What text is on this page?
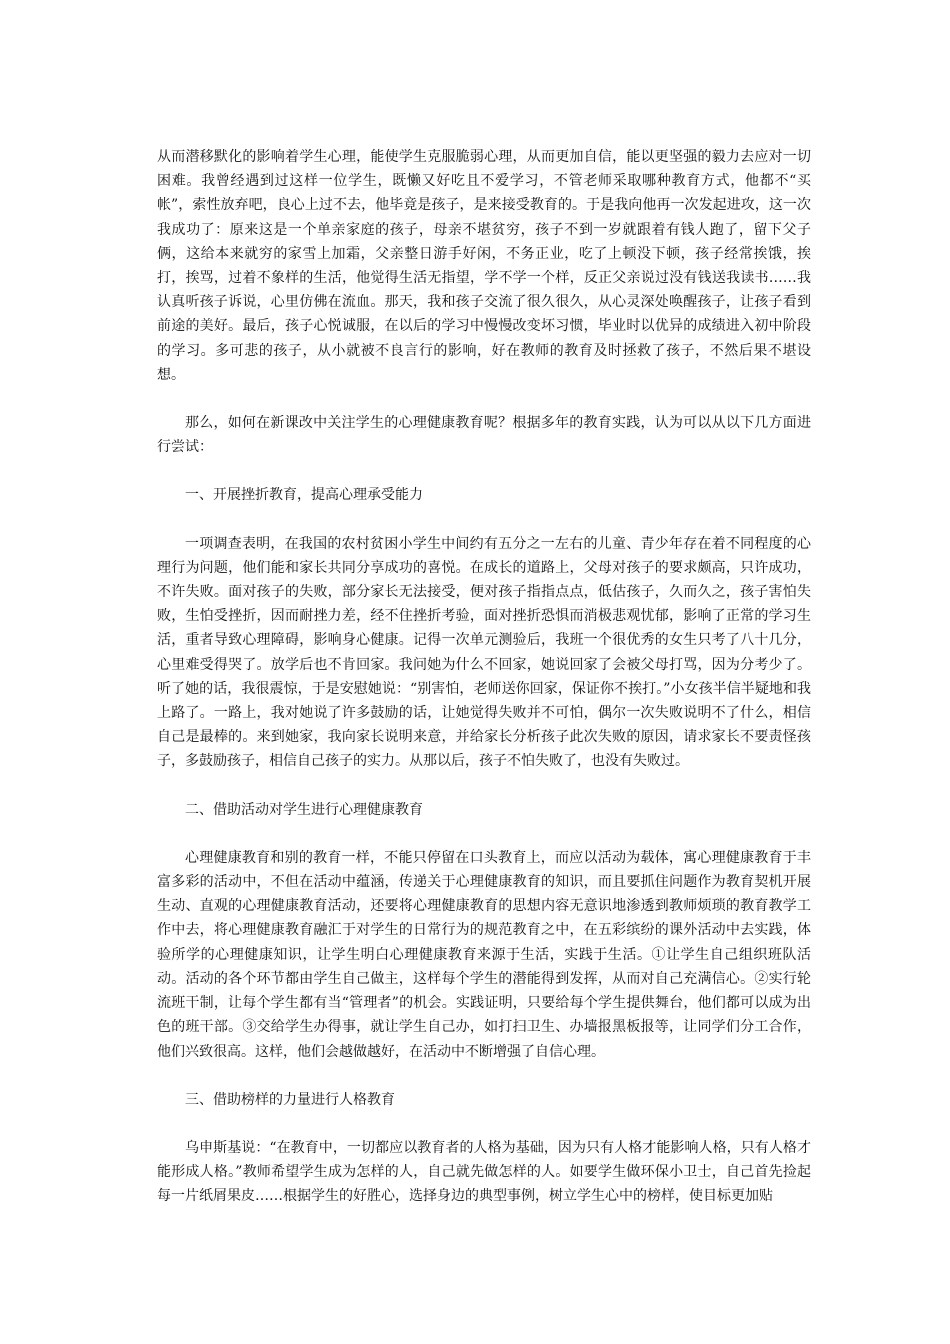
从而潜移默化的影响着学生心理，能使学生克服脆弱心理，从而更加自信，能以更坚强的毅力去应对一切困难。我曾经遇到过这样一位学生，既懒又好吃且不爱学习，不管老师采取哪种教育方式，他都不“买帐”，索性放弃吧，良心上过不去，他毕竟是孩子，是来接受教育的。于是我向他再一次发起进攻，这一次我成功了：原来这是一个单亲家庭的孩子，母亲不堪贫穷，孩子不到一岁就跟着有钱人跑了，留下父子俩，这给本来就穷的家雪上加霜，父亲整日游手好闲，不务正业，吃了上顿没下顿，孩子经常挨饿，挨打，挨骂，过着不象样的生活，他觉得生活无指望，学不学一个样，反正父亲说过没有钱送我读书……我认真听孩子诉说，心里仿佛在流血。那天，我和孩子交流了很久很久，从心灵深处唤醒孩子，让孩子看到前途的美好。最后，孩子心悦诚服，在以后的学习中慢慢改变坏习惯，毕业时以优异的成绩进入初中阶段的学习。多可悲的孩子，从小就被不良言行的影响，好在教师的教育及时拯救了孩子，不然后果不堪设想。

那么，如何在新课改中关注学生的心理健康教育呢？根据多年的教育实践，认为可以从以下几方面进行尝试：

一、开展挫折教育，提高心理承受能力

一项调查表明，在我国的农村贫困小学生中间约有五分之一左右的儿童、青少年存在着不同程度的心理行为问题，他们能和家长共同分享成功的喜悦。在成长的道路上，父母对孩子的要求颇高，只许成功，不许失败。面对孩子的失败，部分家长无法接受，便对孩子指指点点，低估孩子，久而久之，孩子害怕失败，生怕受挫折，因而耐挫力差，经不住挫折考验，面对挫折恐惧而消极悲观忧郁，影响了正常的学习生活，重者导致心理障碍，影响身心健康。记得一次单元测验后，我班一个很优秀的女生只考了八十几分，心里难受得哭了。放学后也不肯回家。我问她为什么不回家，她说回家了会被父母打骂，因为分考少了。听了她的话，我很震惊，于是安慰她说：“别害怕，老师送你回家，保证你不挨打。”小女孩半信半疑地和我上路了。一路上，我对她说了许多鼓励的话，让她觉得失败并不可怕，偶尔一次失败说明不了什么，相信自己是最棒的。来到她家，我向家长说明来意，并给家长分析孩子此次失败的原因，请求家长不要责怪孩子，多鼓励孩子，相信自己孩子的实力。从那以后，孩子不怕失败了，也没有失败过。

二、借助活动对学生进行心理健康教育

心理健康教育和别的教育一样，不能只停留在口头教育上，而应以活动为载体，寓心理健康教育于丰富多彩的活动中，不但在活动中蕴涵，传递关于心理健康教育的知识，而且要抓住问题作为教育契机开展生动、直观的心理健康教育活动，还要将心理健康教育的思想内容无意识地渗透到教师烦琐的教育教学工作中去，将心理健康教育融汇于对学生的日常行为的规范教育之中，在五彩缤纷的课外活动中去实践，体验所学的心理健康知识，让学生明白心理健康教育来源于生活，实践于生活。①让学生自己组织班队活动。活动的各个环节都由学生自己做主，这样每个学生的潜能得到发挥，从而对自己充满信心。②实行轮流班干制，让每个学生都有当“管理者”的机会。实践证明，只要给每个学生提供舞台，他们都可以成为出色的班干部。③交给学生办得事，就让学生自己办，如打扫卫生、办墙报黑板报等，让同学们分工合作，他们兴致很高。这样，他们会越做越好，在活动中不断增强了自信心理。

三、借助榜样的力量进行人格教育

乌申斯基说：“在教育中，一切都应以教育者的人格为基础，因为只有人格才能影响人格，只有人格才能形成人格。”教师希望学生成为怎样的人，自己就先做怎样的人。如要学生做环保小卫士，自己首先捡起每一片纸屑果皮……根据学生的好胜心，选择身边的典型事例，树立学生心中的榜样，使目标更加贴
